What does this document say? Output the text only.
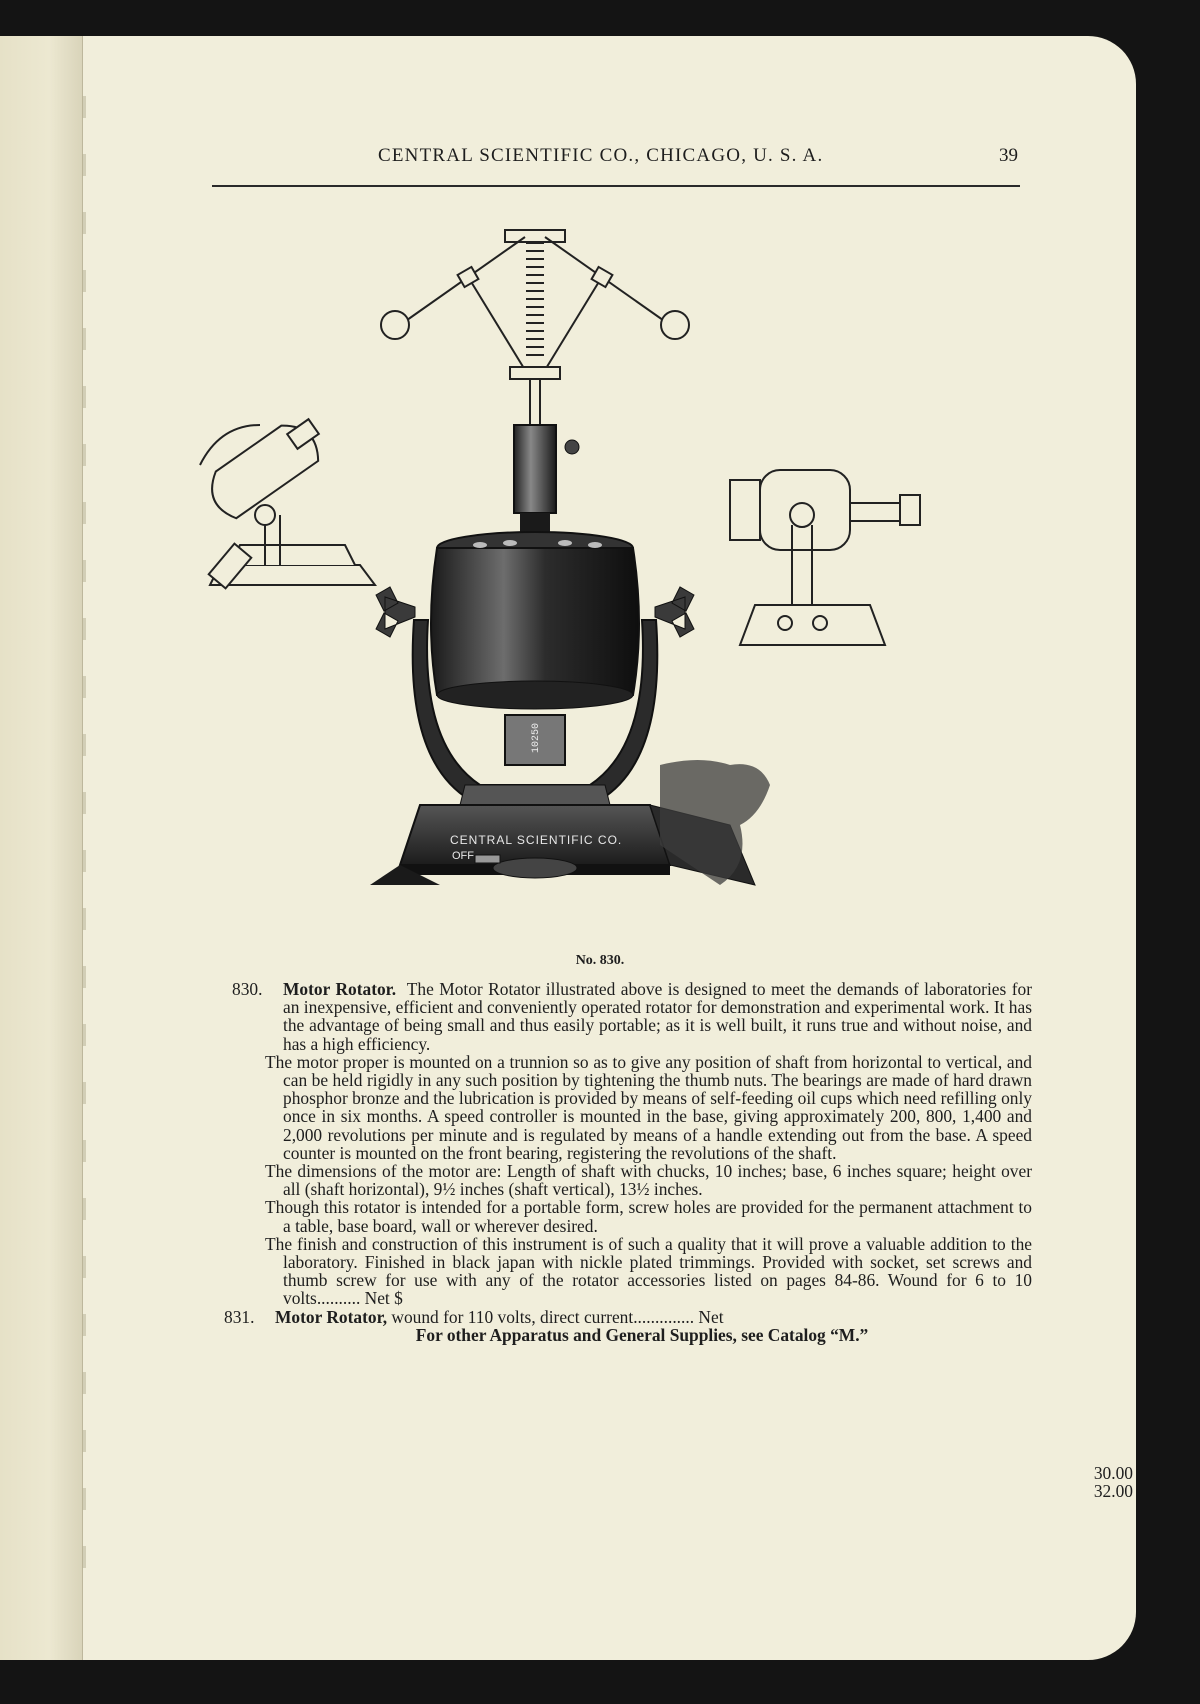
CENTRAL SCIENTIFIC CO., CHICAGO, U. S. A.	39
10250
CENTRAL SCIENTIFIC CO.
OFF
No. 830.

830. Motor Rotator. The Motor Rotator illustrated above is designed to meet the demands of laboratories for an inexpensive, efficient and conveniently operated rotator for demonstration and experimental work. It has the advantage of being small and thus easily portable; as it is well built, it runs true and without noise, and has a high efficiency.

The motor proper is mounted on a trunnion so as to give any position of shaft from horizontal to vertical, and can be held rigidly in any such position by tightening the thumb nuts. The bearings are made of hard drawn phosphor bronze and the lubrication is provided by means of self-feeding oil cups which need refilling only once in six months. A speed controller is mounted in the base, giving approximately 200, 800, 1,400 and 2,000 revolutions per minute and is regulated by means of a handle extending out from the base. A speed counter is mounted on the front bearing, registering the revolutions of the shaft.

The dimensions of the motor are: Length of shaft with chucks, 10 inches; base, 6 inches square; height over all (shaft horizontal), 9½ inches (shaft vertical), 13½ inches.

Though this rotator is intended for a portable form, screw holes are provided for the permanent attachment to a table, base board, wall or wherever desired.

The finish and construction of this instrument is of such a quality that it will prove a valuable addition to the laboratory. Finished in black japan with nickle plated trimmings. Provided with socket, set screws and thumb screw for use with any of the rotator accessories listed on pages 84-86. Wound for 6 to 10 volts.......... Net $

831. Motor Rotator, wound for 110 volts, direct current.............. Net
For other Apparatus and General Supplies, see Catalog “M.”
30.00
32.00
